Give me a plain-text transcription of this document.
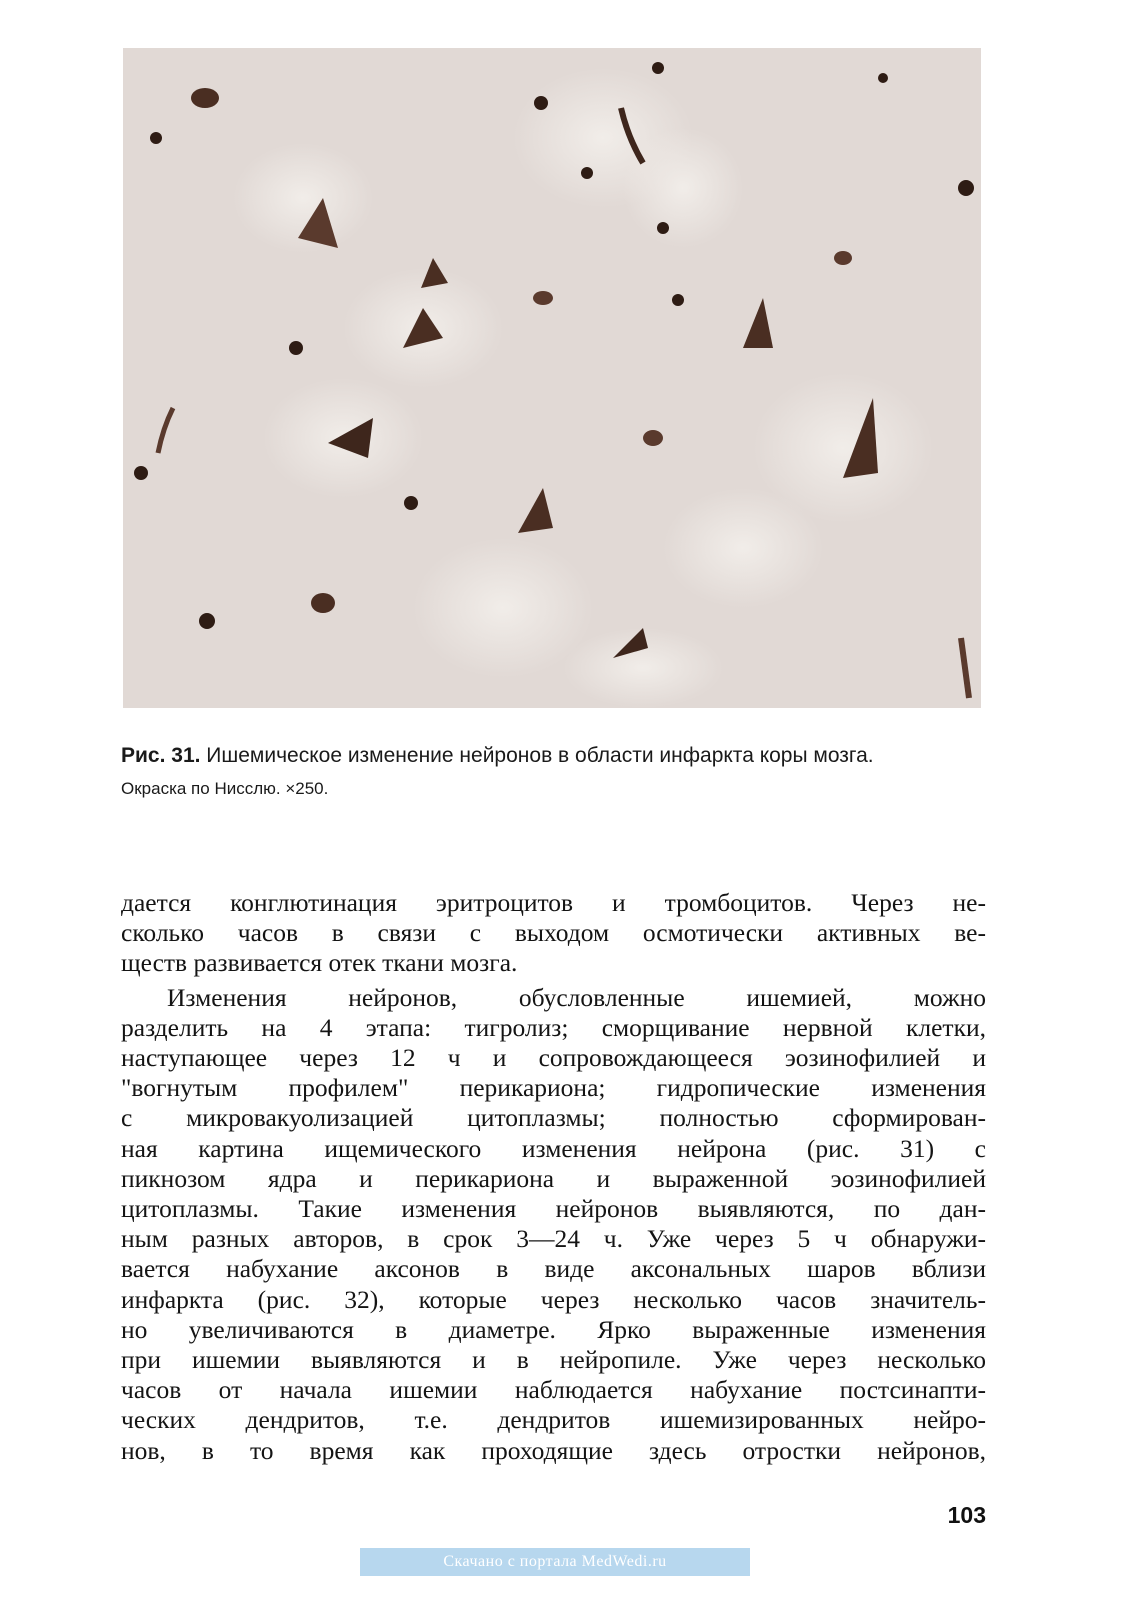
Рис. 31. Ишемическое изменение нейронов в области инфаркта коры мозга.
Окраска по Нисслю. ×250.

дается конглютинация эритроцитов и тромбоцитов. Через не-
сколько часов в связи с выходом осмотически активных ве-
ществ развивается отек ткани мозга.

Изменения нейронов, обусловленные ишемией, можно
разделить на 4 этапа: тигролиз; сморщивание нервной клетки,
наступающее через 12 ч и сопровождающееся эозинофилией и
"вогнутым профилем" перикариона; гидропические изменения
с микровакуолизацией цитоплазмы; полностью сформирован-
ная картина ищемического изменения нейрона (рис. 31) с
пикнозом ядра и перикариона и выраженной эозинофилией
цитоплазмы. Такие изменения нейронов выявляются, по дан-
ным разных авторов, в срок 3—24 ч. Уже через 5 ч обнаружи-
вается набухание аксонов в виде аксональных шаров вблизи
инфаркта (рис. 32), которые через несколько часов значитель-
но увеличиваются в диаметре. Ярко выраженные изменения
при ишемии выявляются и в нейропиле. Уже через несколько
часов от начала ишемии наблюдается набухание постсинапти-
ческих дендритов, т.е. дендритов ишемизированных нейро-
нов, в то время как проходящие здесь отростки нейронов,

103
Скачано с портала MedWedi.ru
